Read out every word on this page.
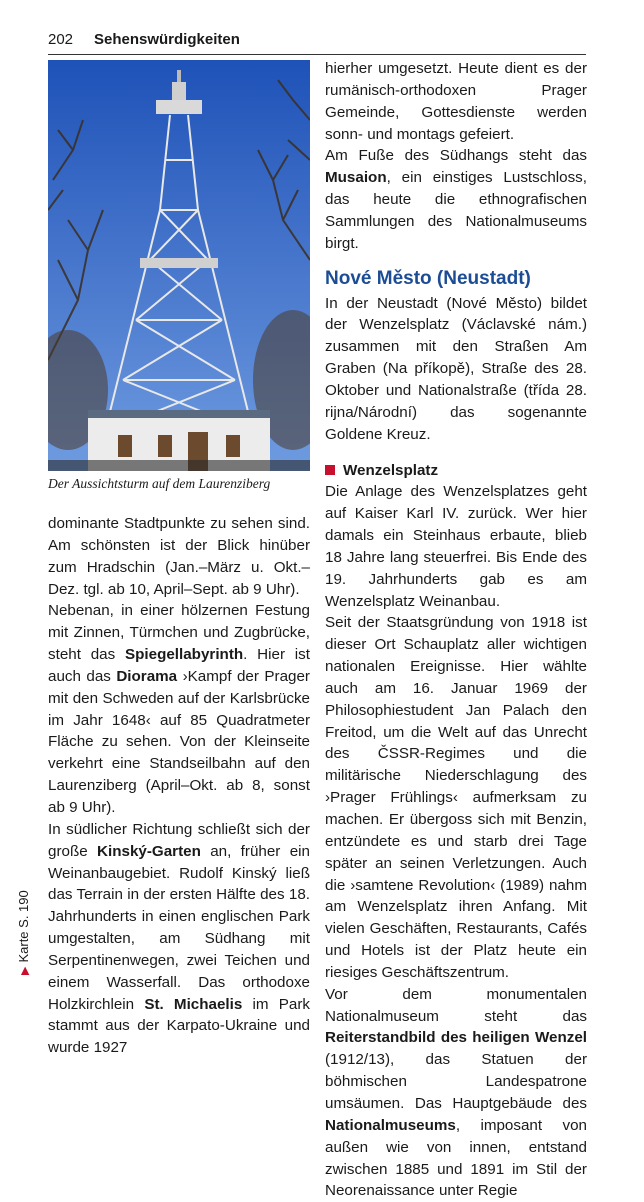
202 Sehenswürdigkeiten
Der Aussichtsturm auf dem Laurenziberg

dominante Stadtpunkte zu sehen sind. Am schönsten ist der Blick hinüber zum Hradschin (Jan.–März u. Okt.–Dez. tgl. ab 10, April–Sept. ab 9 Uhr).

Nebenan, in einer hölzernen Festung mit Zinnen, Türmchen und Zugbrücke, steht das Spiegellabyrinth. Hier ist auch das Diorama ›Kampf der Prager mit den Schweden auf der Karlsbrücke im Jahr 1648‹ auf 85 Quadratmeter Fläche zu sehen. Von der Kleinseite verkehrt eine Standseilbahn auf den Laurenziberg (April–Okt. ab 8, sonst ab 9 Uhr).

In südlicher Richtung schließt sich der große Kinský-Garten an, früher ein Weinanbaugebiet. Rudolf Kinský ließ das Terrain in der ersten Hälfte des 18. Jahrhunderts in einen englischen Park umgestalten, am Südhang mit Serpentinenwegen, zwei Teichen und einem Wasserfall. Das orthodoxe Holzkirchlein St. Michaelis im Park stammt aus der Karpato-Ukraine und wurde 1927

hierher umgesetzt. Heute dient es der rumänisch-orthodoxen Prager Gemeinde, Gottesdienste werden sonn- und montags gefeiert.

Am Fuße des Südhangs steht das Musaion, ein einstiges Lustschloss, das heute die ethnografischen Sammlungen des Nationalmuseums birgt.

Nové Město (Neustadt)

In der Neustadt (Nové Město) bildet der Wenzelsplatz (Václavské nám.) zusammen mit den Straßen Am Graben (Na příkopě), Straße des 28. Oktober und Nationalstraße (třída 28. rijna/Národní) das sogenannte Goldene Kreuz.

Wenzelsplatz

Die Anlage des Wenzelsplatzes geht auf Kaiser Karl IV. zurück. Wer hier damals ein Steinhaus erbaute, blieb 18 Jahre lang steuerfrei. Bis Ende des 19. Jahrhunderts gab es am Wenzelsplatz Weinanbau.

Seit der Staatsgründung von 1918 ist dieser Ort Schauplatz aller wichtigen nationalen Ereignisse. Hier wählte auch am 16. Januar 1969 der Philosophiestudent Jan Palach den Freitod, um die Welt auf das Unrecht des ČSSR-Regimes und die militärische Niederschlagung des ›Prager Frühlings‹ aufmerksam zu machen. Er übergoss sich mit Benzin, entzündete es und starb drei Tage später an seinen Verletzungen. Auch die ›samtene Revolution‹ (1989) nahm am Wenzelsplatz ihren Anfang. Mit vielen Geschäften, Restaurants, Cafés und Hotels ist der Platz heute ein riesiges Geschäftszentrum.

Vor dem monumentalen Nationalmuseum steht das Reiterstandbild des heiligen Wenzel (1912/13), das Statuen der böhmischen Landespatrone umsäumen. Das Hauptgebäude des Nationalmuseums, imposant von außen wie von innen, entstand zwischen 1885 und 1891 im Stil der Neorenaissance unter Regie

▶Karte S. 190
